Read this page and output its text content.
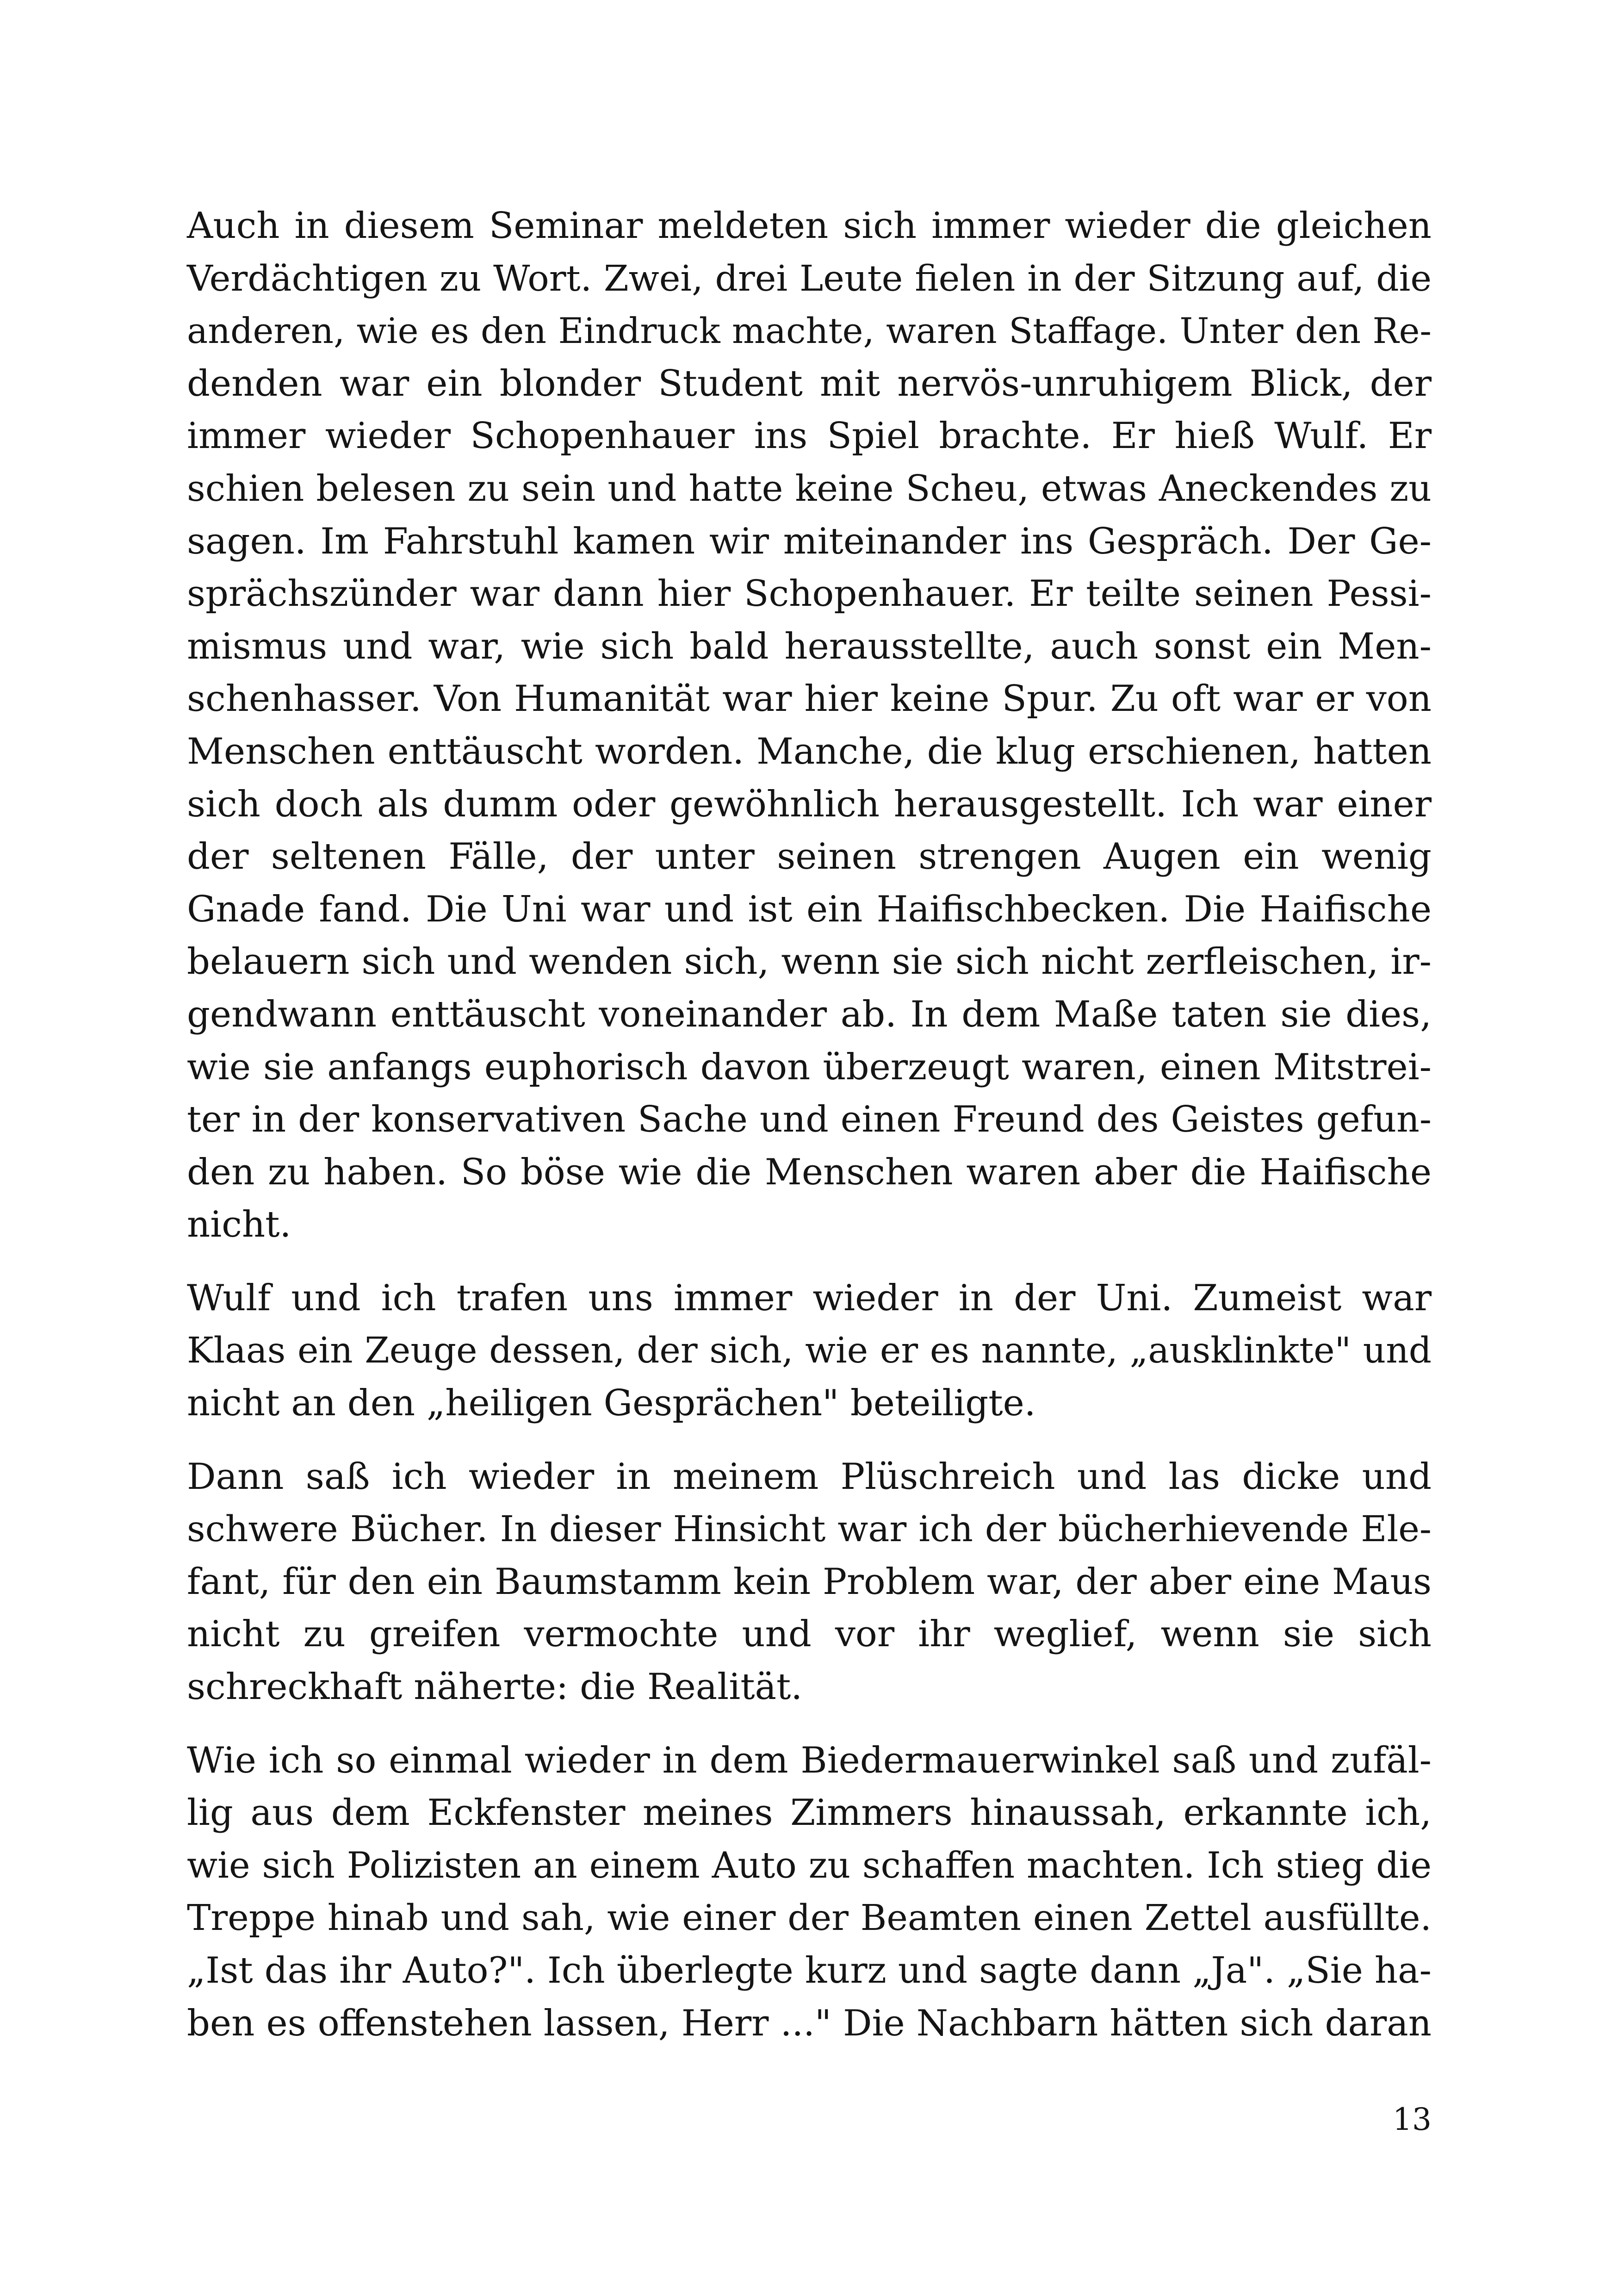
Auch in diesem Seminar meldeten sich immer wieder die gleichen
Verdächtigen zu Wort. Zwei, drei Leute fielen in der Sitzung auf, die
anderen, wie es den Eindruck machte, waren Staffage. Unter den Re-
denden war ein blonder Student mit nervös-unruhigem Blick, der
immer wieder Schopenhauer ins Spiel brachte. Er hieß Wulf. Er
schien belesen zu sein und hatte keine Scheu, etwas Aneckendes zu
sagen. Im Fahrstuhl kamen wir miteinander ins Gespräch. Der Ge-
sprächszünder war dann hier Schopenhauer. Er teilte seinen Pessi-
mismus und war, wie sich bald herausstellte, auch sonst ein Men-
schenhasser. Von Humanität war hier keine Spur. Zu oft war er von
Menschen enttäuscht worden. Manche, die klug erschienen, hatten
sich doch als dumm oder gewöhnlich herausgestellt. Ich war einer
der seltenen Fälle, der unter seinen strengen Augen ein wenig
Gnade fand. Die Uni war und ist ein Haifischbecken. Die Haifische
belauern sich und wenden sich, wenn sie sich nicht zerfleischen, ir-
gendwann enttäuscht voneinander ab. In dem Maße taten sie dies,
wie sie anfangs euphorisch davon überzeugt waren, einen Mitstrei-
ter in der konservativen Sache und einen Freund des Geistes gefun-
den zu haben. So böse wie die Menschen waren aber die Haifische
nicht.
Wulf und ich trafen uns immer wieder in der Uni. Zumeist war
Klaas ein Zeuge dessen, der sich, wie er es nannte, „ausklinkte" und
nicht an den „heiligen Gesprächen" beteiligte.
Dann saß ich wieder in meinem Plüschreich und las dicke und
schwere Bücher. In dieser Hinsicht war ich der bücherhievende Ele-
fant, für den ein Baumstamm kein Problem war, der aber eine Maus
nicht zu greifen vermochte und vor ihr weglief, wenn sie sich
schreckhaft näherte: die Realität.
Wie ich so einmal wieder in dem Biedermauerwinkel saß und zufäl-
lig aus dem Eckfenster meines Zimmers hinaussah, erkannte ich,
wie sich Polizisten an einem Auto zu schaffen machten. Ich stieg die
Treppe hinab und sah, wie einer der Beamten einen Zettel ausfüllte.
„Ist das ihr Auto?". Ich überlegte kurz und sagte dann „Ja". „Sie ha-
ben es offenstehen lassen, Herr ..." Die Nachbarn hätten sich daran
13
